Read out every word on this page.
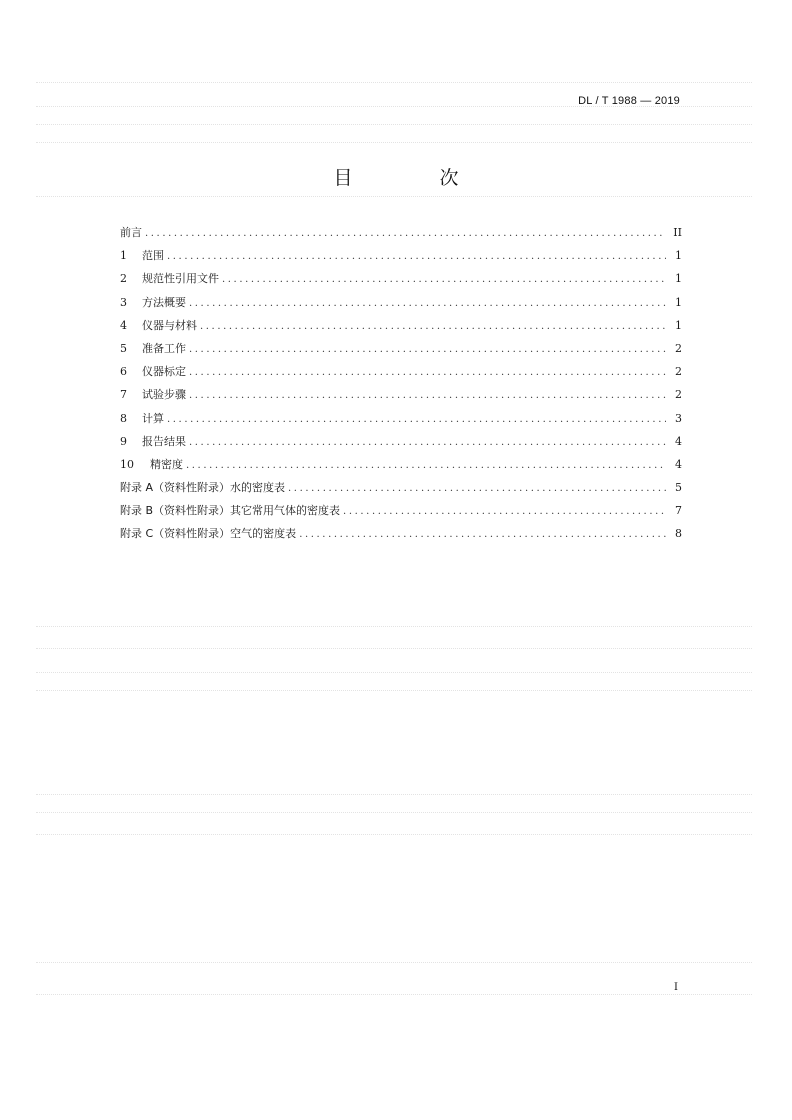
DL / T 1988 — 2019
目　次
前言 .....	II
1 范围 .....	1
2 规范性引用文件 .....	1
3 方法概要 .....	1
4 仪器与材料 .....	1
5 准备工作 .....	2
6 仪器标定 .....	2
7 试验步骤 .....	2
8 计算 .....	3
9 报告结果 .....	4
10 精密度 .....	4
附录 A（资料性附录）水的密度表 .....	5
附录 B（资料性附录）其它常用气体的密度表 .....	7
附录 C（资料性附录）空气的密度表 .....	8
I
